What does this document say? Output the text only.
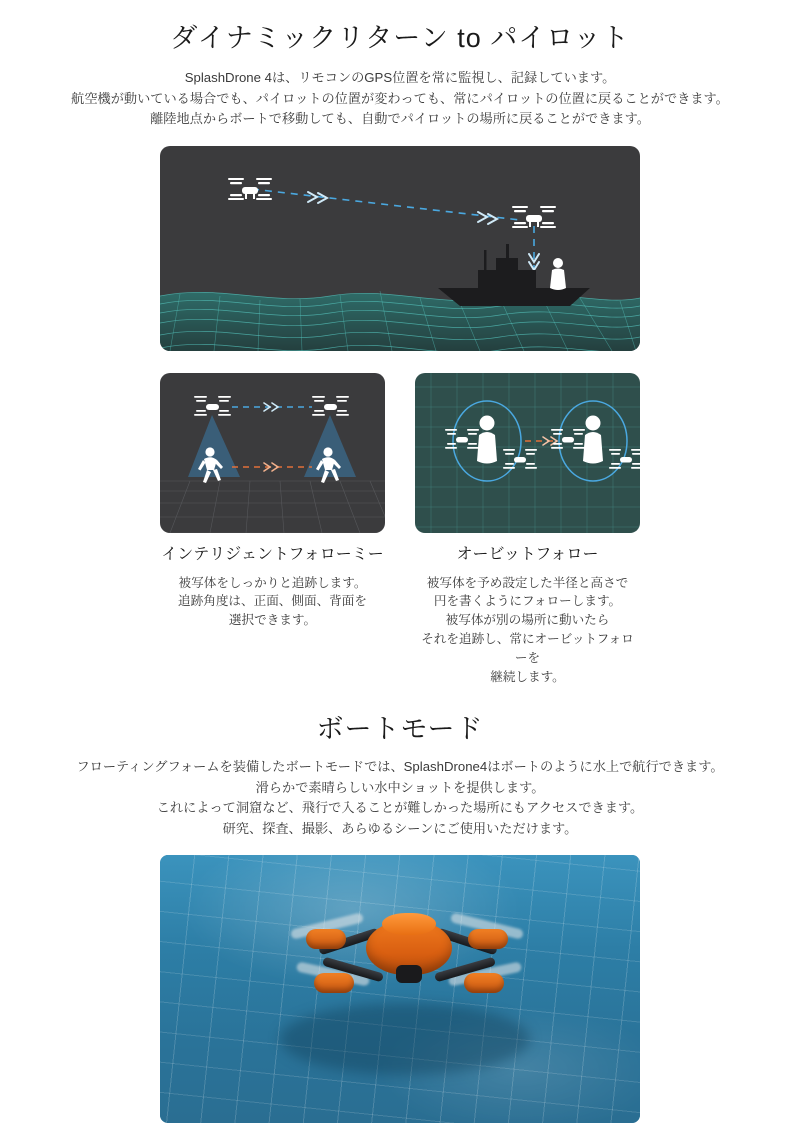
ダイナミックリターン to パイロット
SplashDrone 4は、リモコンのGPS位置を常に監視し、記録しています。
航空機が動いている場合でも、パイロットの位置が変わっても、常にパイロットの位置に戻ることができます。
離陸地点からボートで移動しても、自動でパイロットの場所に戻ることができます。
インテリジェントフォローミー
被写体をしっかりと追跡します。
追跡角度は、正面、側面、背面を
選択できます。
オービットフォロー
被写体を予め設定した半径と高さで
円を書くようにフォローします。
被写体が別の場所に動いたら
それを追跡し、常にオービットフォローを
継続します。
ボートモード
フローティングフォームを装備したボートモードでは、SplashDrone4はボートのように水上で航行できます。
滑らかで素晴らしい水中ショットを提供します。
これによって洞窟など、飛行で入ることが難しかった場所にもアクセスできます。
研究、探査、撮影、あらゆるシーンにご使用いただけます。
